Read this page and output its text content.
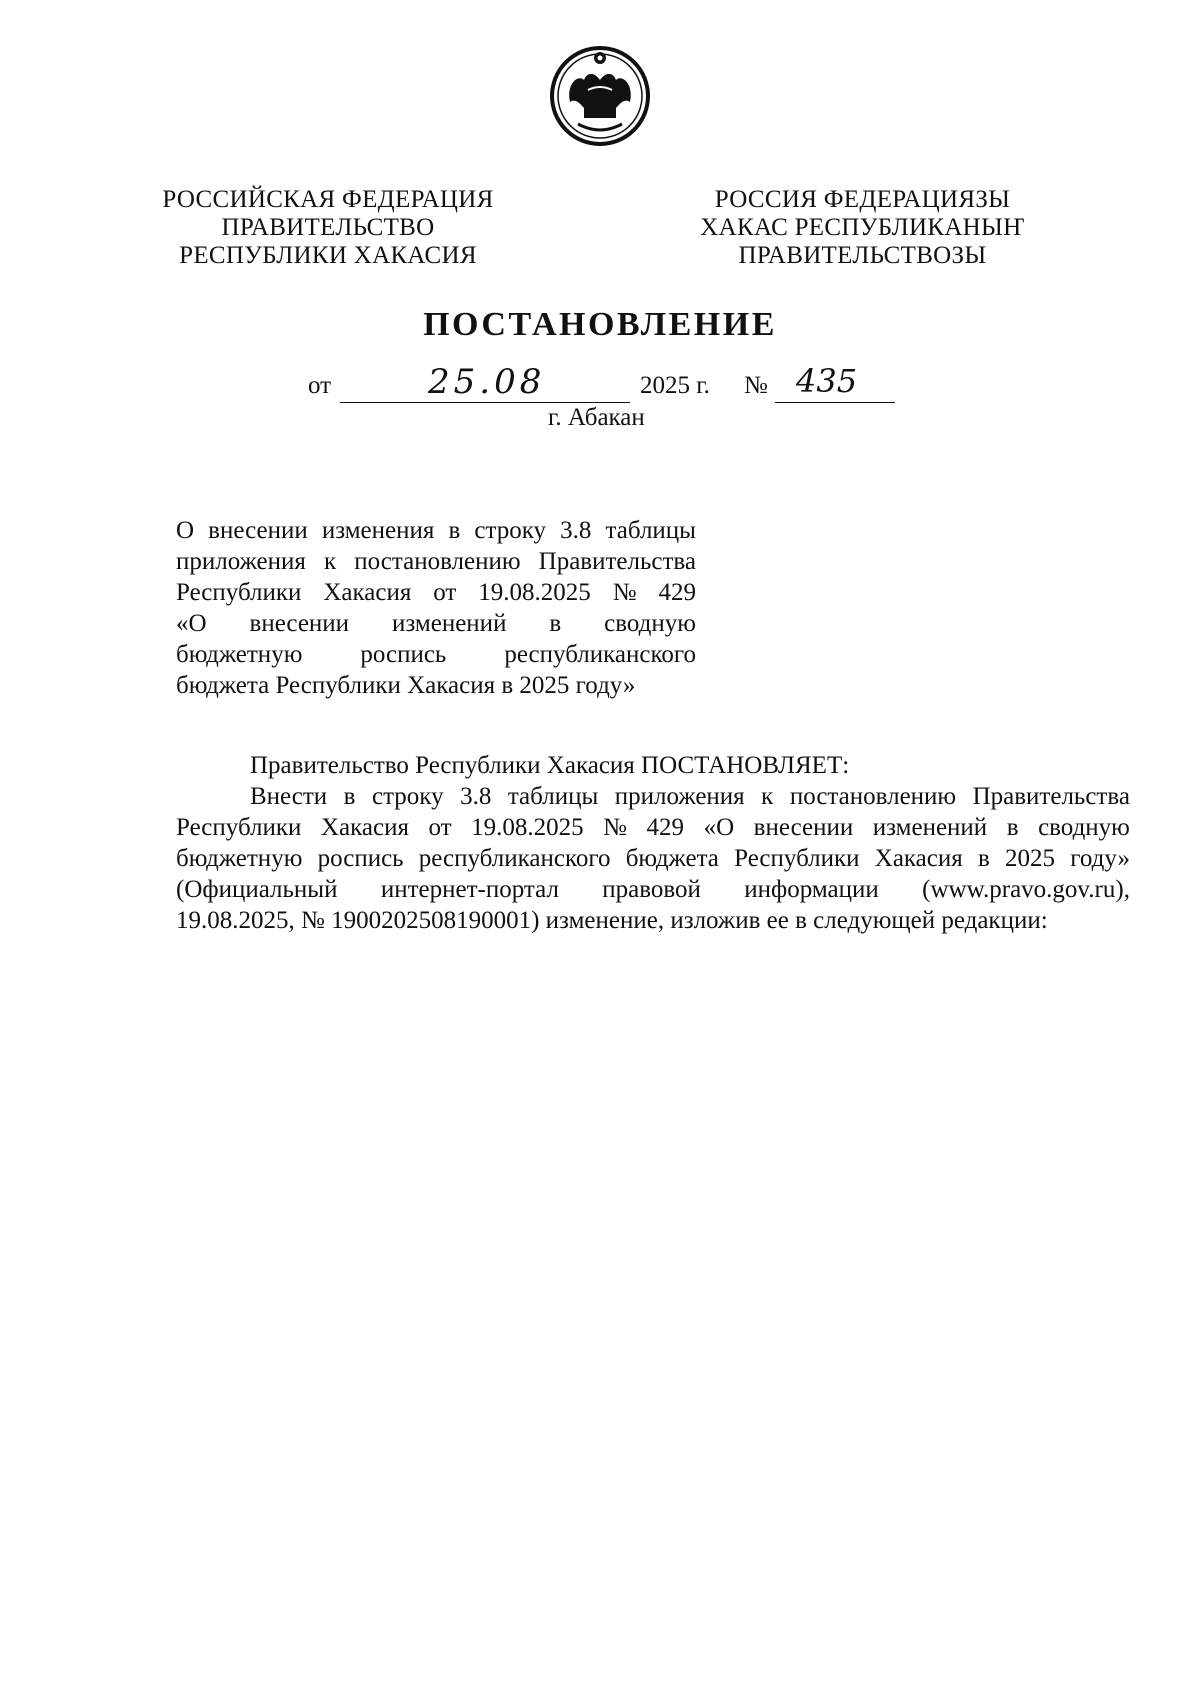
РОССИЙСКАЯ ФЕДЕРАЦИЯ
ПРАВИТЕЛЬСТВО
РЕСПУБЛИКИ ХАКАСИЯ
РОССИЯ ФЕДЕРАЦИЯЗЫ
ХАКАС РЕСПУБЛИКАНЫҤ
ПРАВИТЕЛЬСТВОЗЫ
ПОСТАНОВЛЕНИЕ
от	25.08	2025 г. № 435
г. Абакан
О внесении изменения в строку 3.8 таблицы
приложения к постановлению Правительства
Республики Хакасия от 19.08.2025 № 429
«О внесении изменений в сводную
бюджетную роспись республиканского
бюджета Республики Хакасия в 2025 году»
Правительство Республики Хакасия ПОСТАНОВЛЯЕТ:
Внести в строку 3.8 таблицы приложения к постановлению Правительства
Республики Хакасия от 19.08.2025 № 429 «О внесении изменений в сводную
бюджетную роспись республиканского бюджета Республики Хакасия в 2025 году»
(Официальный интернет-портал правовой информации (www.pravo.gov.ru),
19.08.2025, № 1900202508190001) изменение, изложив ее в следующей редакции:
